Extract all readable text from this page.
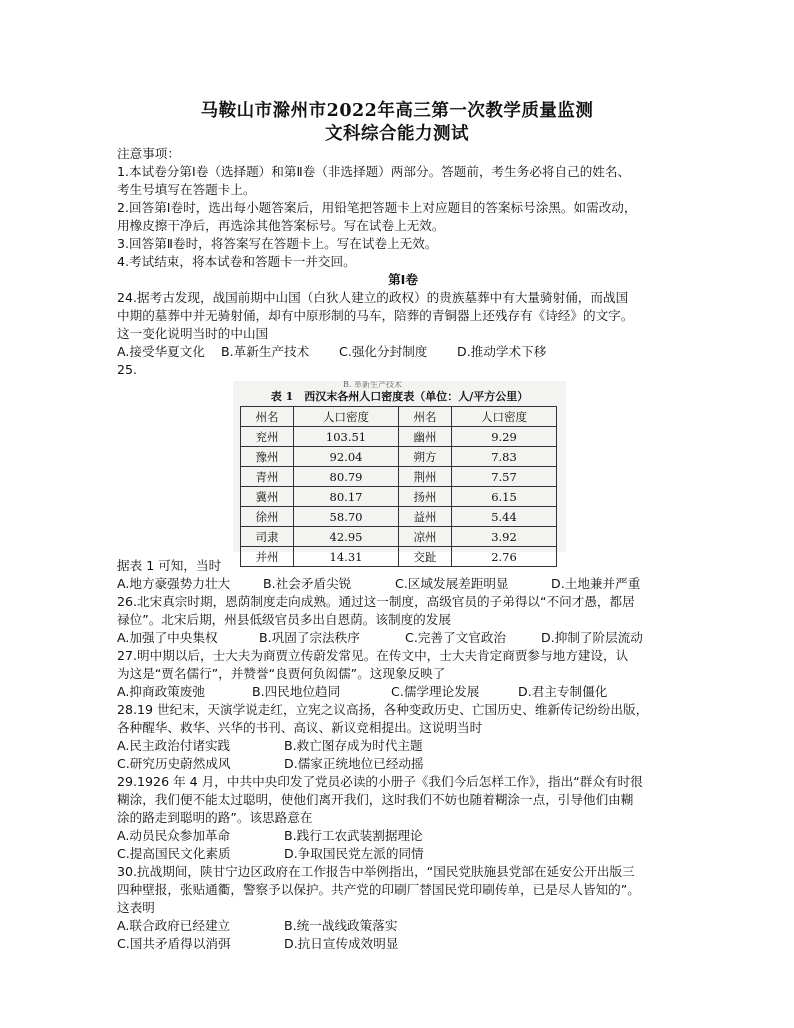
马鞍山市滁州市2022年高三第一次教学质量监测
文科综合能力测试
注意事项：
1.本试卷分第Ⅰ卷（选择题）和第Ⅱ卷（非选择题）两部分。答题前，考生务必将自己的姓名、
考生号填写在答题卡上。
2.回答第Ⅰ卷时，选出每小题答案后，用铅笔把答题卡上对应题目的答案标号涂黑。如需改动，
用橡皮擦干净后，再选涂其他答案标号。写在试卷上无效。
3.回答第Ⅱ卷时，将答案写在答题卡上。写在试卷上无效。
4.考试结束，将本试卷和答题卡一并交回。
第Ⅰ卷
24.据考古发现，战国前期中山国（白狄人建立的政权）的贵族墓葬中有大量骑射俑，而战国
中期的墓葬中并无骑射俑，却有中原形制的马车，陪葬的青铜器上还残存有《诗经》的文字。
这一变化说明当时的中山国
A.接受华夏文化 B.革新生产技术 C.强化分封制度 D.推动学术下移
25.
B. 革新生产技术
表 1　西汉末各州人口密度表（单位：人/平方公里）
州名	人口密度	州名	人口密度
兖州	103.51	幽州	9.29
豫州	92.04	朔方	7.83
青州	80.79	荆州	7.57
冀州	80.17	扬州	6.15
徐州	58.70	益州	5.44
司隶	42.95	凉州	3.92
并州	14.31	交趾	2.76
据表 1 可知，当时
A.地方豪强势力壮大	B.社会矛盾尖锐	C.区域发展差距明显	D.土地兼并严重
26.北宋真宗时期，恩荫制度走向成熟。通过这一制度，高级官员的子弟得以“不问才愚，都居
禄位”。北宋后期，州县低级官员多出自恩荫。该制度的发展
A.加强了中央集权	B.巩固了宗法秩序	C.完善了文官政治	D.抑制了阶层流动
27.明中期以后，士大夫为商贾立传蔚发常见。在传文中，士大夫肯定商贾参与地方建设，认
为这是“贾名儒行”，并赞誉“良贾何负闳儒”。这现象反映了
A.抑商政策废弛	B.四民地位趋同	C.儒学理论发展	D.君主专制僵化
28.19 世纪末，天演学说走红，立宪之议高扬，各种变政历史、亡国历史、维新传记纷纷出版，
各种醒华、救华、兴华的书刊、高议、新议竞相提出。这说明当时
A.民主政治付诸实践	B.救亡图存成为时代主题
C.研究历史蔚然成风	D.儒家正统地位已经动摇
29.1926 年 4 月，中共中央印发了党员必读的小册子《我们今后怎样工作》，指出“群众有时很
糊涂，我们便不能太过聪明，使他们离开我们，这时我们不妨也随着糊涂一点，引导他们由糊
涂的路走到聪明的路”。该思路意在
A.动员民众参加革命	B.践行工农武装割据理论
C.提高国民文化素质	D.争取国民党左派的同情
30.抗战期间，陕甘宁边区政府在工作报告中举例指出，“国民党肤施县党部在延安公开出版三
四种壁报，张贴通衢，警察予以保护。共产党的印刷厂替国民党印刷传单，已是尽人皆知的”。
这表明
A.联合政府已经建立	B.统一战线政策落实
C.国共矛盾得以消弭	D.抗日宣传成效明显
